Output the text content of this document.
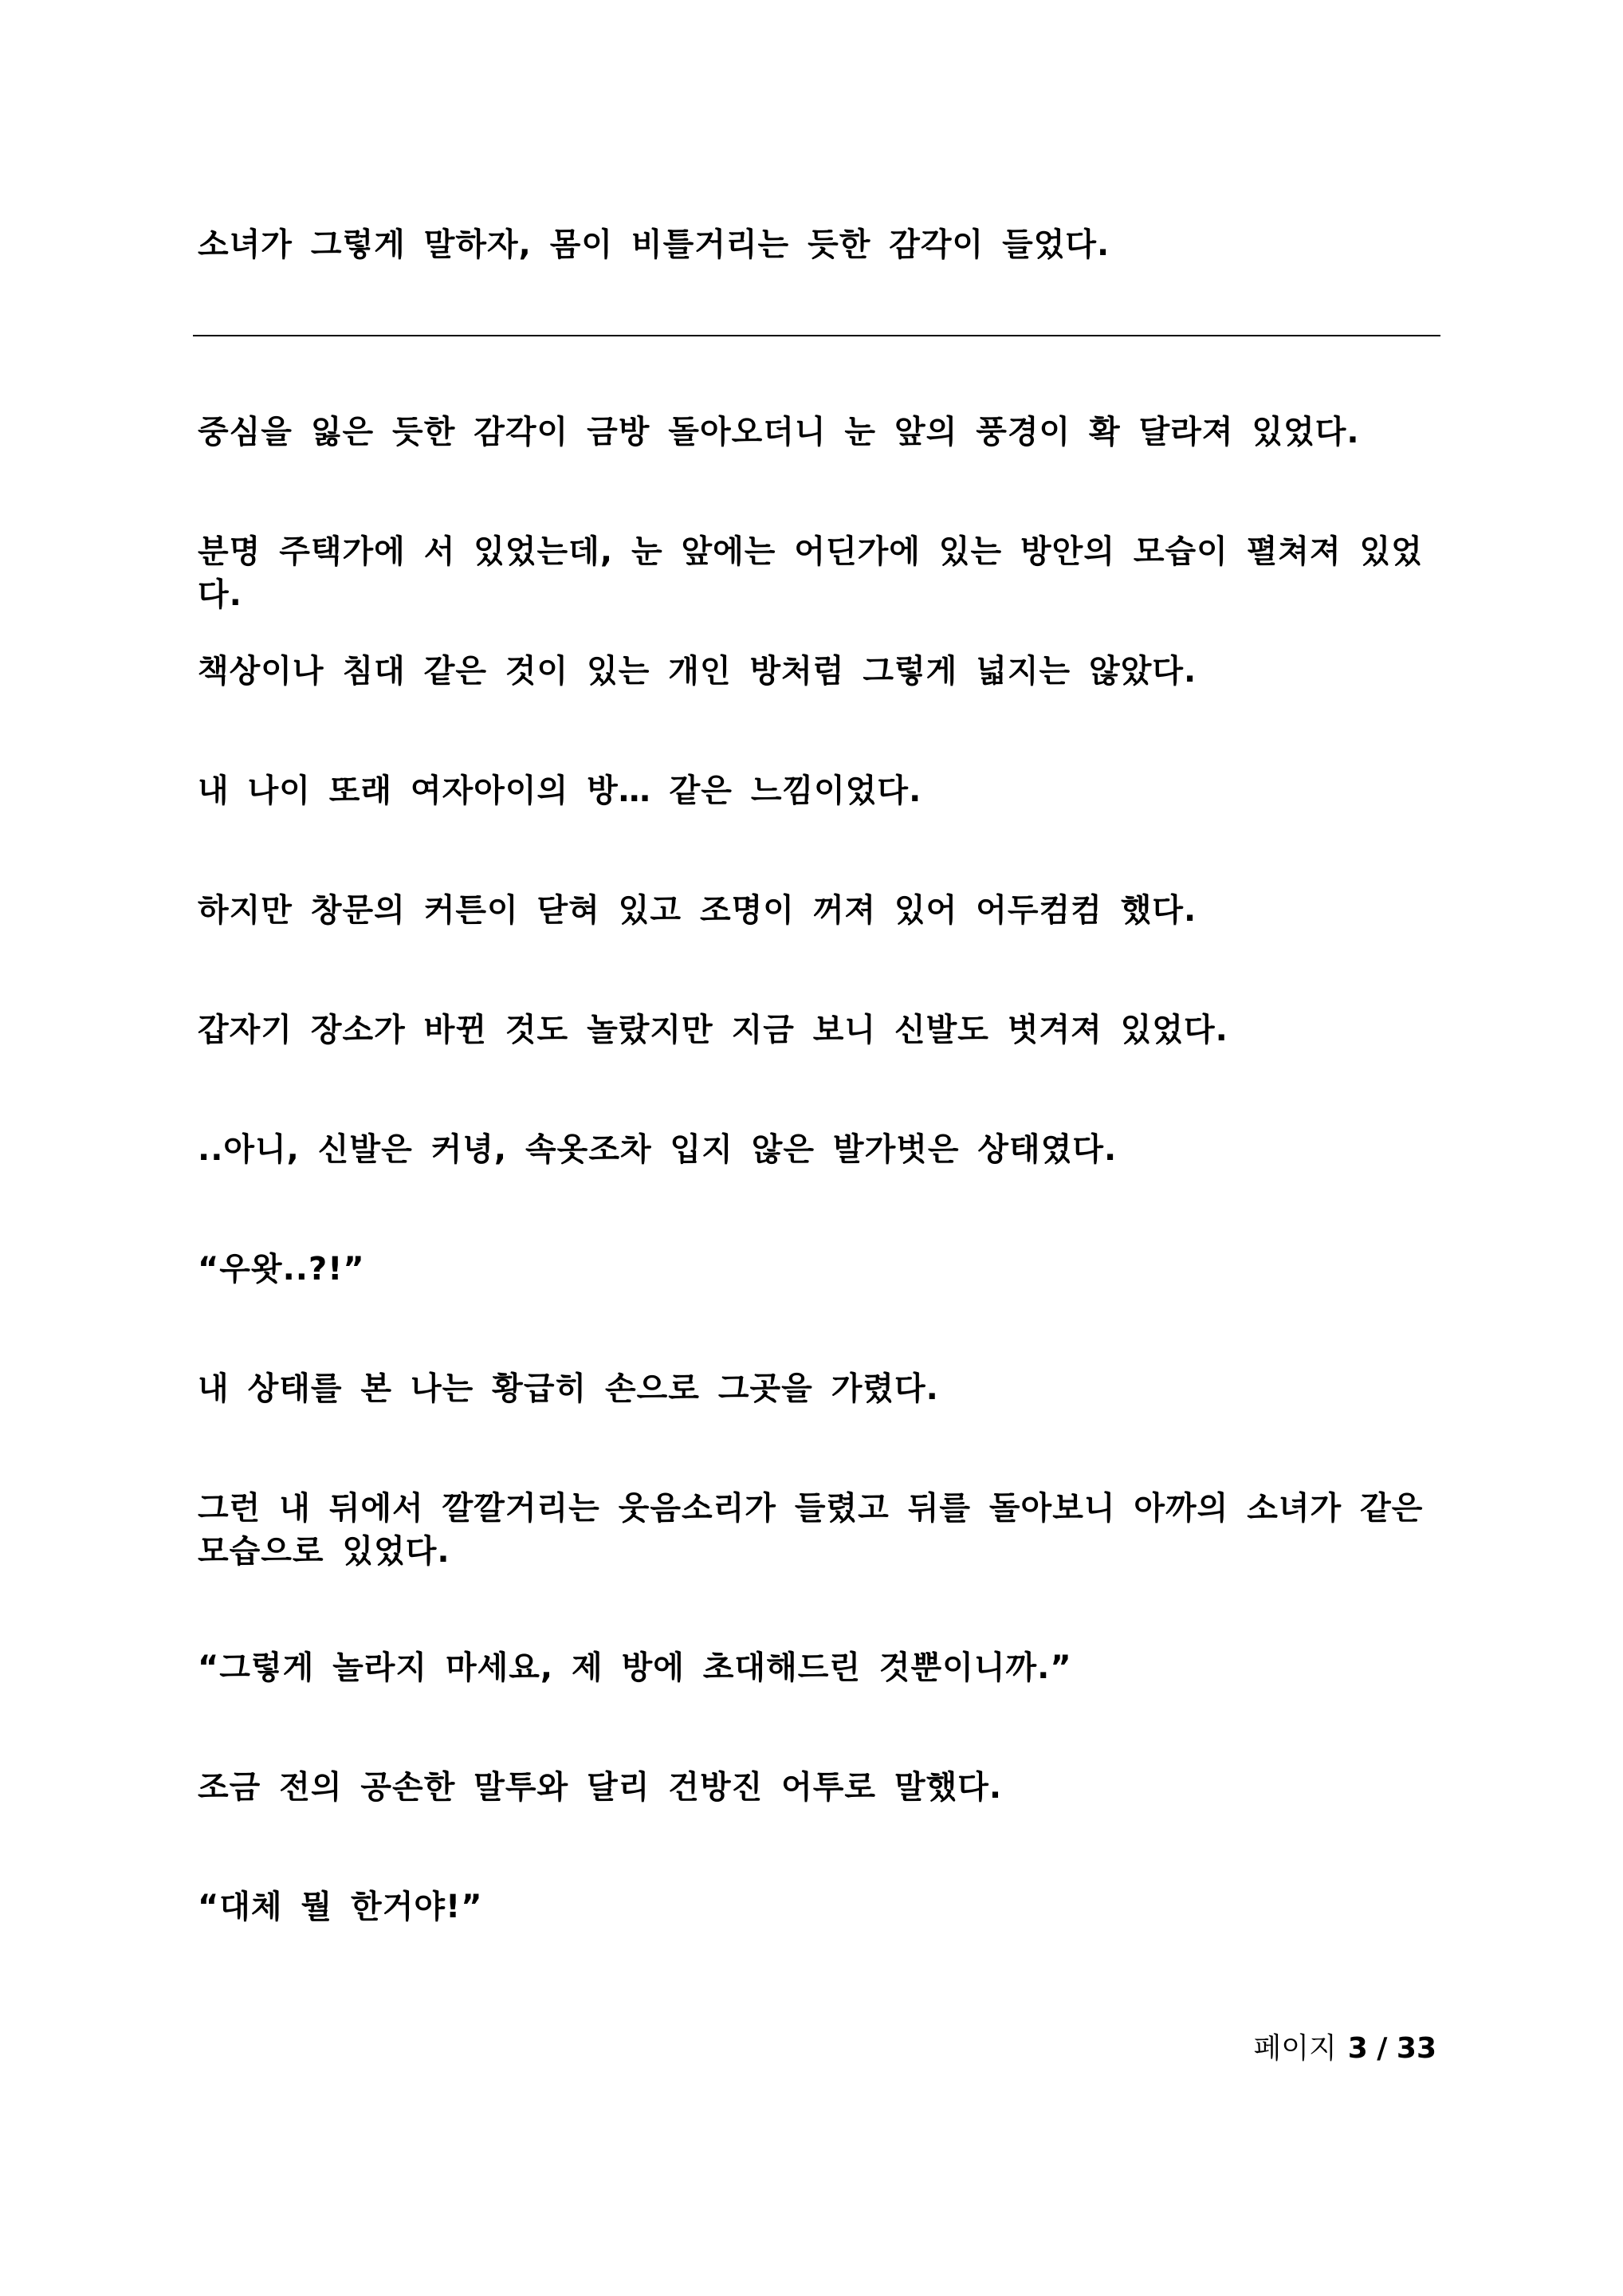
소녀가 그렇게 말하자, 몸이 비틀거리는 듯한 감각이 들었다.

중심을 잃은 듯한 감각이 금방 돌아오더니 눈 앞의 풍경이 확 달라져 있었다.

분명 주택가에 서 있었는데, 눈 앞에는 어딘가에 있는 방안의 모습이 펼쳐져 있었다.

책상이나 침대 같은 것이 있는 개인 방처럼 그렇게 넓지는 않았다.

내 나이 또래 여자아이의 방… 같은 느낌이었다.

하지만 창문의 커튼이 닫혀 있고 조명이 꺼져 있어 어두컴컴 했다.

갑자기 장소가 바뀐 것도 놀랐지만 지금 보니 신발도 벗겨져 있었다.

..아니, 신발은 커녕, 속옷조차 입지 않은 발가벗은 상태였다.

“우왓..?!”

내 상태를 본 나는 황급히 손으로 그곳을 가렸다.

그런 내 뒤에서 깔깔거리는 웃음소리가 들렸고 뒤를 돌아보니 아까의 소녀가 같은 모습으로 있었다.

“그렇게 놀라지 마세요, 제 방에 초대해드린 것뿐이니까.”

조금 전의 공손한 말투와 달리 건방진 어투로 말했다.

“대체 뭘 한거야!”

페이지 3 / 33
